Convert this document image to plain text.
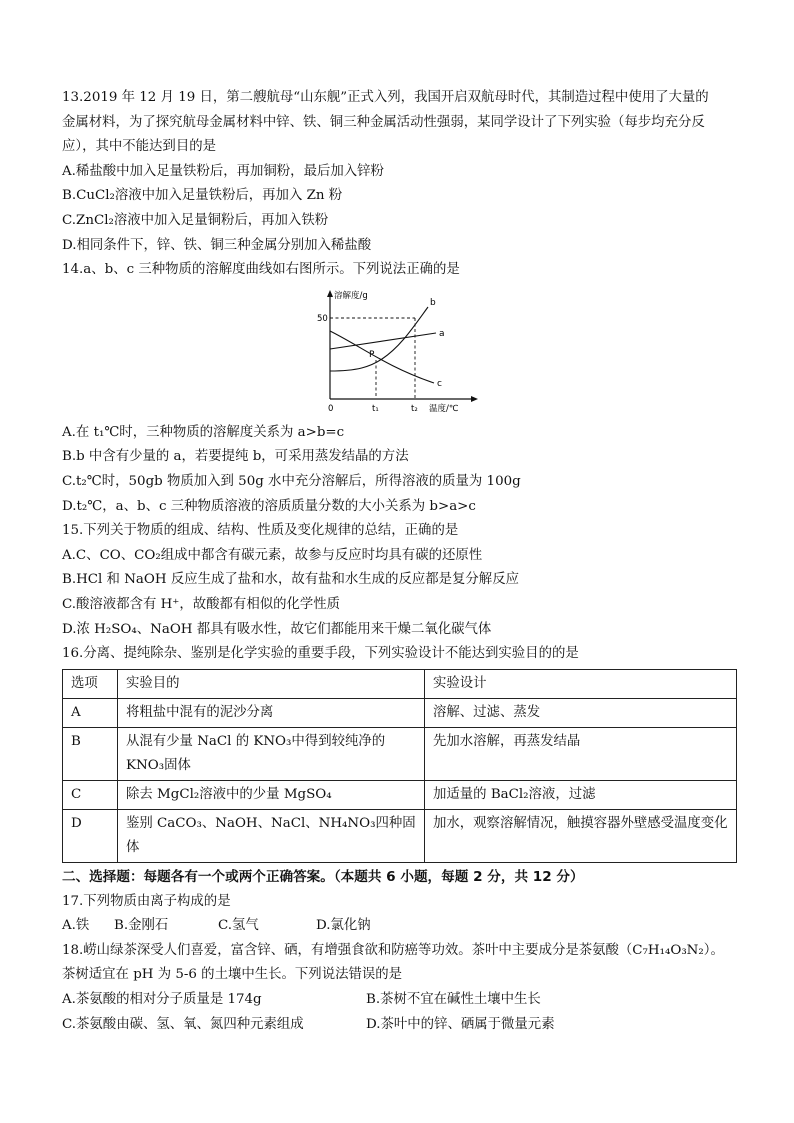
13.2019 年 12 月 19 日，第二艘航母“山东舰”正式入列，我国开启双航母时代，其制造过程中使用了大量的
金属材料，为了探究航母金属材料中锌、铁、铜三种金属活动性强弱，某同学设计了下列实验（每步均充分反
应），其中不能达到目的是
A.稀盐酸中加入足量铁粉后，再加铜粉，最后加入锌粉
B.CuCl₂溶液中加入足量铁粉后，再加入 Zn 粉
C.ZnCl₂溶液中加入足量铜粉后，再加入铁粉
D.相同条件下，锌、铁、铜三种金属分别加入稀盐酸
14.a、b、c 三种物质的溶解度曲线如右图所示。下列说法正确的是
溶解度/g
温度/℃
50
0	t₁	t₂
a
b
c
P
A.在 t₁℃时，三种物质的溶解度关系为 a>b=c
B.b 中含有少量的 a，若要提纯 b，可采用蒸发结晶的方法
C.t₂℃时，50gb 物质加入到 50g 水中充分溶解后，所得溶液的质量为 100g
D.t₂℃，a、b、c 三种物质溶液的溶质质量分数的大小关系为 b>a>c
15.下列关于物质的组成、结构、性质及变化规律的总结，正确的是
A.C、CO、CO₂组成中都含有碳元素，故参与反应时均具有碳的还原性
B.HCl 和 NaOH 反应生成了盐和水，故有盐和水生成的反应都是复分解反应
C.酸溶液都含有 H⁺，故酸都有相似的化学性质
D.浓 H₂SO₄、NaOH 都具有吸水性，故它们都能用来干燥二氧化碳气体
16.分离、提纯除杂、鉴别是化学实验的重要手段，下列实验设计不能达到实验目的的是
选项	实验目的	实验设计
A	将粗盐中混有的泥沙分离	溶解、过滤、蒸发
B	从混有少量 NaCl 的 KNO₃中得到较纯净的 KNO₃固体	先加水溶解，再蒸发结晶
C	除去 MgCl₂溶液中的少量 MgSO₄	加适量的 BaCl₂溶液，过滤
D	鉴别 CaCO₃、NaOH、NaCl、NH₄NO₃四种固体	加水，观察溶解情况，触摸容器外壁感受温度变化
二、选择题：每题各有一个或两个正确答案。（本题共 6 小题，每题 2 分，共 12 分）
17.下列物质由离子构成的是
A.铁	B.金刚石	C.氢气	D.氯化钠
18.崂山绿茶深受人们喜爱，富含锌、硒，有增强食欲和防癌等功效。茶叶中主要成分是茶氨酸（C₇H₁₄O₃N₂）。
茶树适宜在 pH 为 5-6 的土壤中生长。下列说法错误的是
A.茶氨酸的相对分子质量是 174g	B.茶树不宜在碱性土壤中生长
C.茶氨酸由碳、氢、氧、氮四种元素组成	D.茶叶中的锌、硒属于微量元素
